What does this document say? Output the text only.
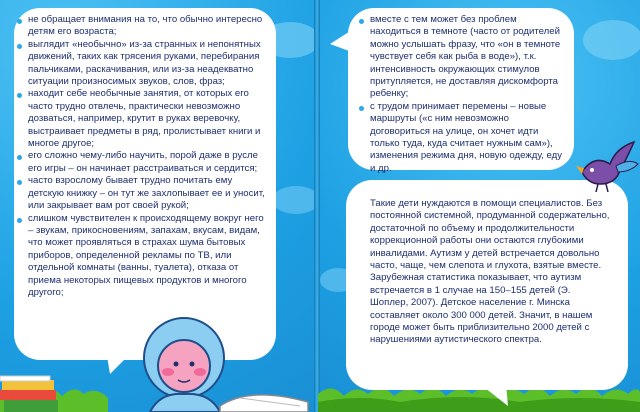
не обращает внимания на то, что обычно интересно детям его возраста;
выглядит «необычно» из-за странных и непонятных движений, таких как трясения руками, перебирания пальчиками, раскачивания, или из-за неадекватно ситуации произносимых звуков, слов, фраз;
находит себе необычные занятия, от которых его часто трудно отвлечь, практически невозможно дозваться, например, крутит в руках веревочку, выстраивает предметы в ряд, пролистывает книги и многое другое;
его сложно чему-либо научить, порой даже в русле его игры – он начинает расстраиваться и сердится;
часто взрослому бывает трудно почитать ему детскую книжку – он тут же захлопывает ее и уносит, или закрывает вам рот своей рукой;
слишком чувствителен к происходящему вокруг него – звукам, прикосновениям, запахам, вкусам, видам, что может проявляться в страхах шума бытовых приборов, определенной рекламы по ТВ, или отдельной комнаты (ванны, туалета), отказа от приема некоторых пищевых продуктов и многого другого;
вместе с тем может без проблем находиться в темноте (часто от родителей можно услышать фразу, что «он в темноте чувствует себя как рыба в воде»), т.к. интенсивность окружающих стимулов притупляется, не доставляя дискомфорта ребенку;
с трудом принимает перемены – новые маршруты («с ним невозможно договориться на улице, он хочет идти только туда, куда считает нужным сам»), изменения режима дня, новую одежду, еду и др.

Такие дети нуждаются в помощи специалистов. Без постоянной системной, продуманной содержательно, достаточной по объему и продолжительности коррекционной работы они остаются глубокими инвалидами. Аутизм у детей встречается довольно часто, чаще, чем слепота и глухота, взятые вместе. Зарубежная статистика показывает, что аутизм встречается в 1 случае на 150–155 детей (Э. Шоплер, 2007). Детское население г. Минска составляет около 300 000 детей. Значит, в нашем городе может быть приблизительно 2000 детей с нарушениями аутистического спектра.
